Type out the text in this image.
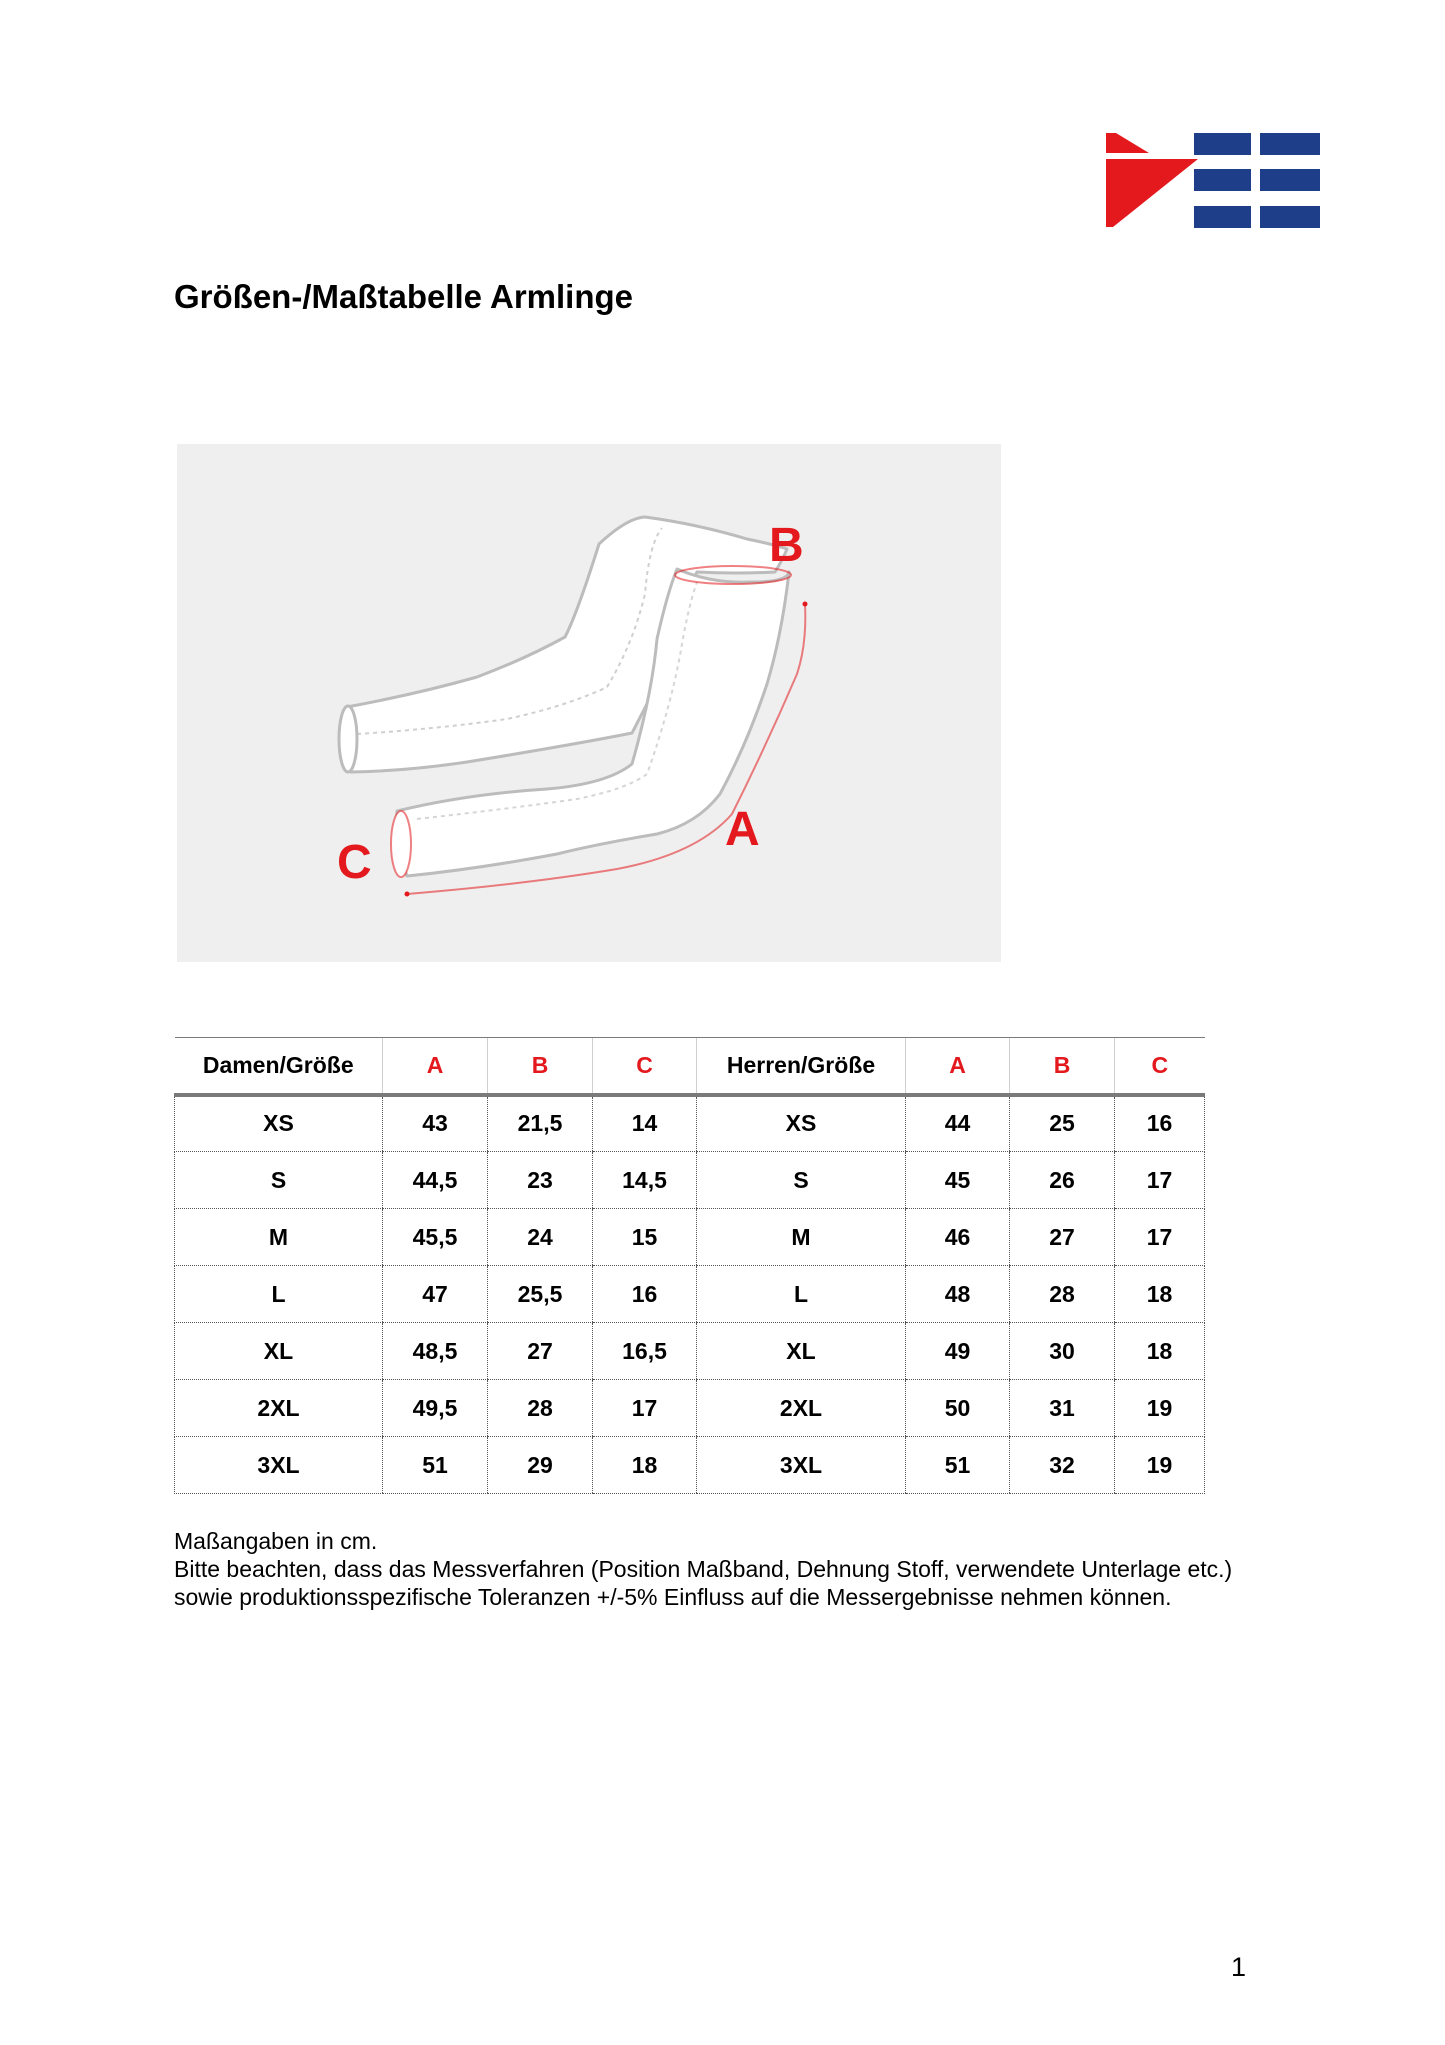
Größen-/Maßtabelle Armlinge
B
A
C
Damen/Größe	A	B	C	Herren/Größe	A	B	C
XS	43	21,5	14	XS	44	25	16
S	44,5	23	14,5	S	45	26	17
M	45,5	24	15	M	46	27	17
L	47	25,5	16	L	48	28	18
XL	48,5	27	16,5	XL	49	30	18
2XL	49,5	28	17	2XL	50	31	19
3XL	51	29	18	3XL	51	32	19

Maßangaben in cm.

Bitte beachten, dass das Messverfahren (Position Maßband, Dehnung Stoff, verwendete Unterlage etc.) sowie produktionsspezifische Toleranzen +/-5% Einfluss auf die Messergebnisse nehmen können.

1
